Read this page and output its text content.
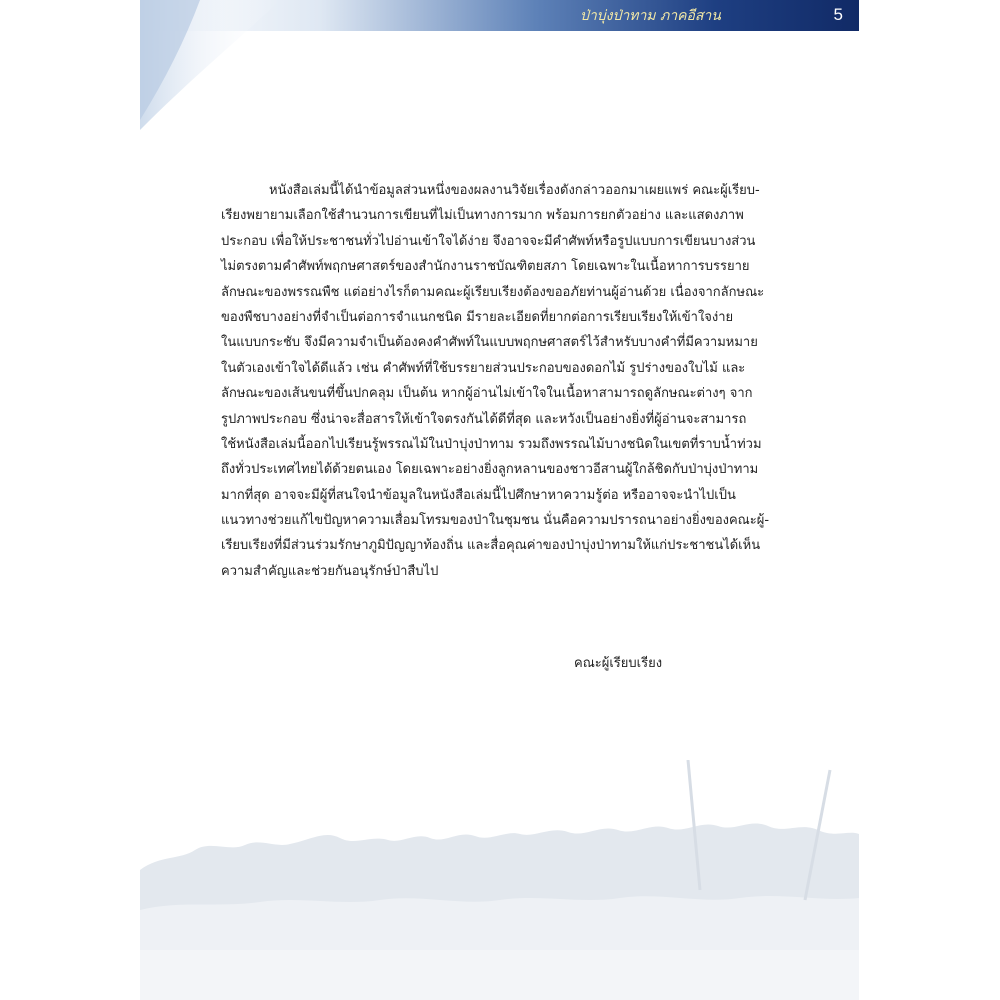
ป่าบุ่งป่าทาม ภาคอีสาน	5
หนังสือเล่มนี้ได้นำข้อมูลส่วนหนึ่งของผลงานวิจัยเรื่องดังกล่าวออกมาเผยแพร่ คณะผู้เรียบ-
เรียงพยายามเลือกใช้สำนวนการเขียนที่ไม่เป็นทางการมาก พร้อมการยกตัวอย่าง และแสดงภาพ
ประกอบ เพื่อให้ประชาชนทั่วไปอ่านเข้าใจได้ง่าย จึงอาจจะมีคำศัพท์หรือรูปแบบการเขียนบางส่วน
ไม่ตรงตามคำศัพท์พฤกษศาสตร์ของสำนักงานราชบัณฑิตยสภา โดยเฉพาะในเนื้อหาการบรรยาย
ลักษณะของพรรณพืช แต่อย่างไรก็ตามคณะผู้เรียบเรียงต้องขออภัยท่านผู้อ่านด้วย เนื่องจากลักษณะ
ของพืชบางอย่างที่จำเป็นต่อการจำแนกชนิด มีรายละเอียดที่ยากต่อการเรียบเรียงให้เข้าใจง่าย
ในแบบกระชับ จึงมีความจำเป็นต้องคงคำศัพท์ในแบบพฤกษศาสตร์ไว้สำหรับบางคำที่มีความหมาย
ในตัวเองเข้าใจได้ดีแล้ว เช่น คำศัพท์ที่ใช้บรรยายส่วนประกอบของดอกไม้ รูปร่างของใบไม้ และ
ลักษณะของเส้นขนที่ขึ้นปกคลุม เป็นต้น หากผู้อ่านไม่เข้าใจในเนื้อหาสามารถดูลักษณะต่างๆ จาก
รูปภาพประกอบ ซึ่งน่าจะสื่อสารให้เข้าใจตรงกันได้ดีที่สุด และหวังเป็นอย่างยิ่งที่ผู้อ่านจะสามารถ
ใช้หนังสือเล่มนี้ออกไปเรียนรู้พรรณไม้ในป่าบุ่งป่าทาม รวมถึงพรรณไม้บางชนิดในเขตที่ราบน้ำท่วม
ถึงทั่วประเทศไทยได้ด้วยตนเอง โดยเฉพาะอย่างยิ่งลูกหลานของชาวอีสานผู้ใกล้ชิดกับป่าบุ่งป่าทาม
มากที่สุด อาจจะมีผู้ที่สนใจนำข้อมูลในหนังสือเล่มนี้ไปศึกษาหาความรู้ต่อ หรืออาจจะนำไปเป็น
แนวทางช่วยแก้ไขปัญหาความเสื่อมโทรมของป่าในชุมชน นั่นคือความปรารถนาอย่างยิ่งของคณะผู้-
เรียบเรียงที่มีส่วนร่วมรักษาภูมิปัญญาท้องถิ่น และสื่อคุณค่าของป่าบุ่งป่าทามให้แก่ประชาชนได้เห็น
ความสำคัญและช่วยกันอนุรักษ์ป่าสืบไป
คณะผู้เรียบเรียง
